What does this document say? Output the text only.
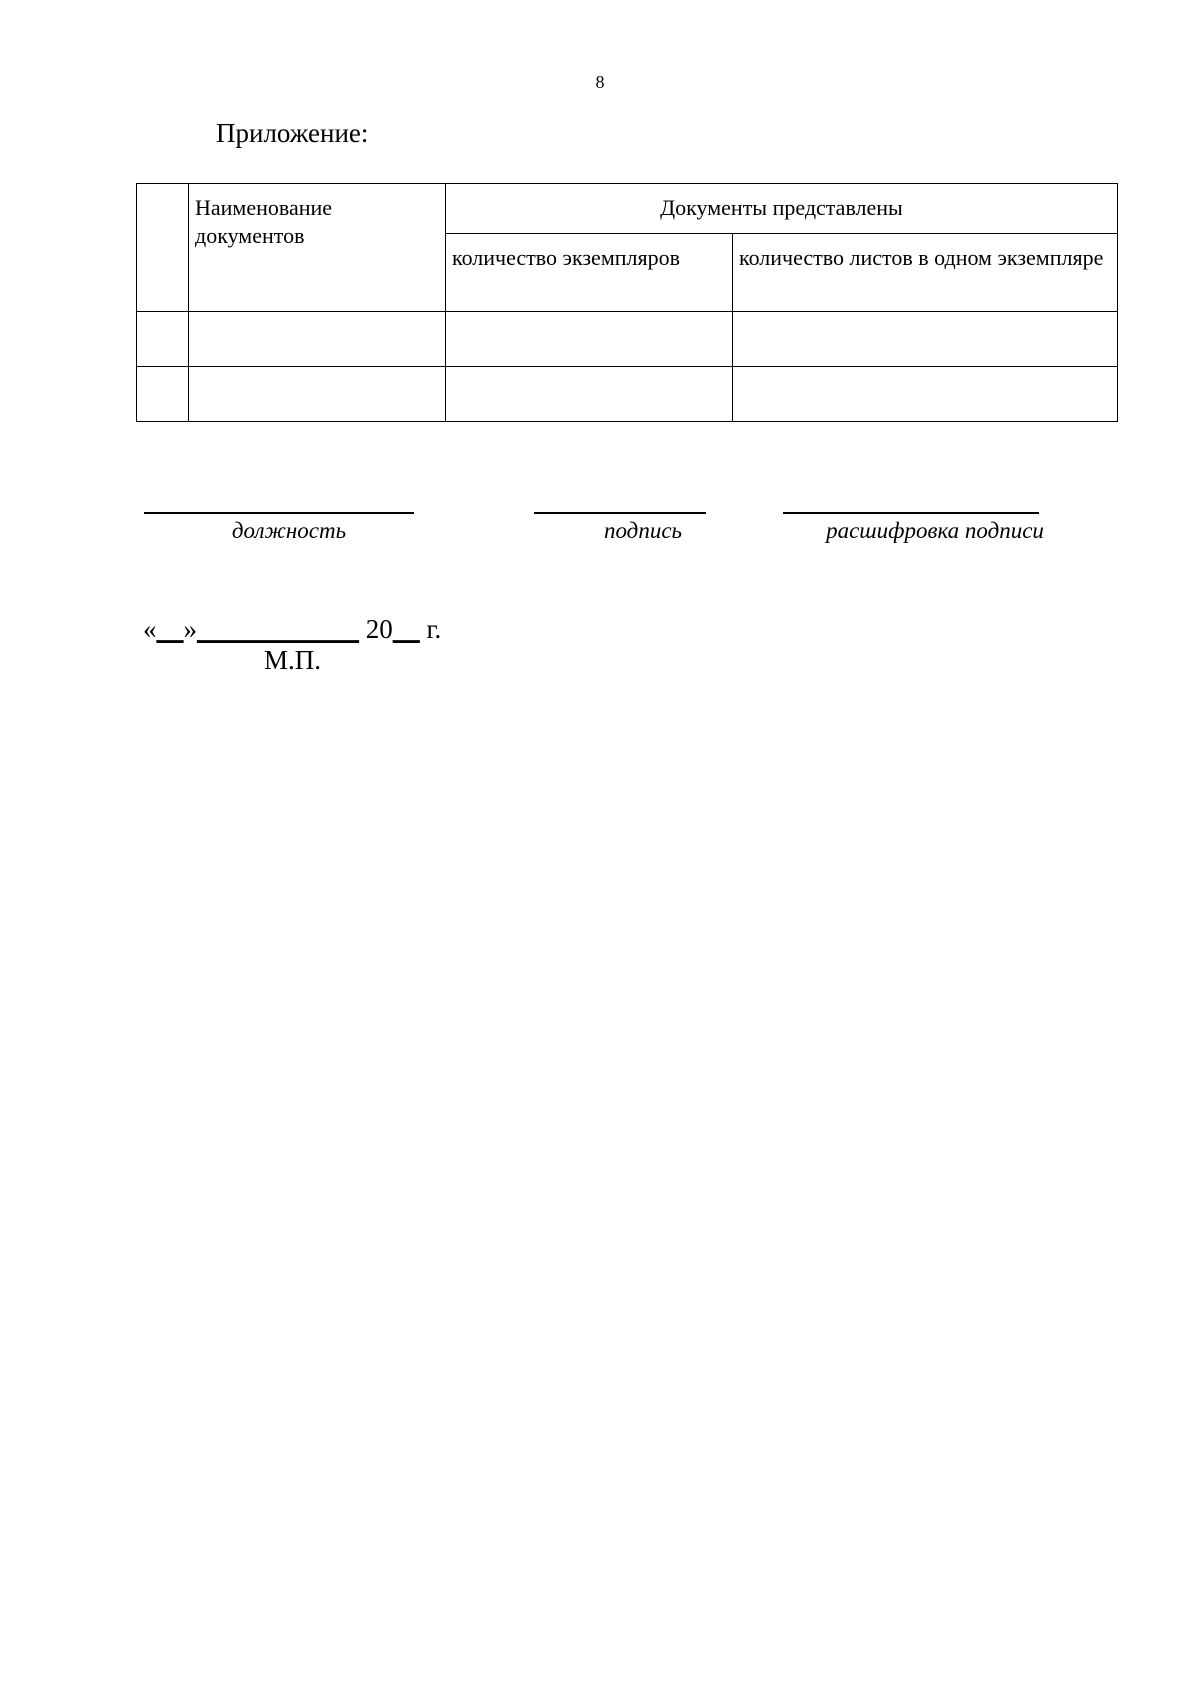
8
Приложение:
	Наименование документов	Документы представлены	
		количество экземпляров	количество листов в одном экземпляре

должность	подпись	расшифровка подписи
«__»____________ 20__ г.
М.П.
